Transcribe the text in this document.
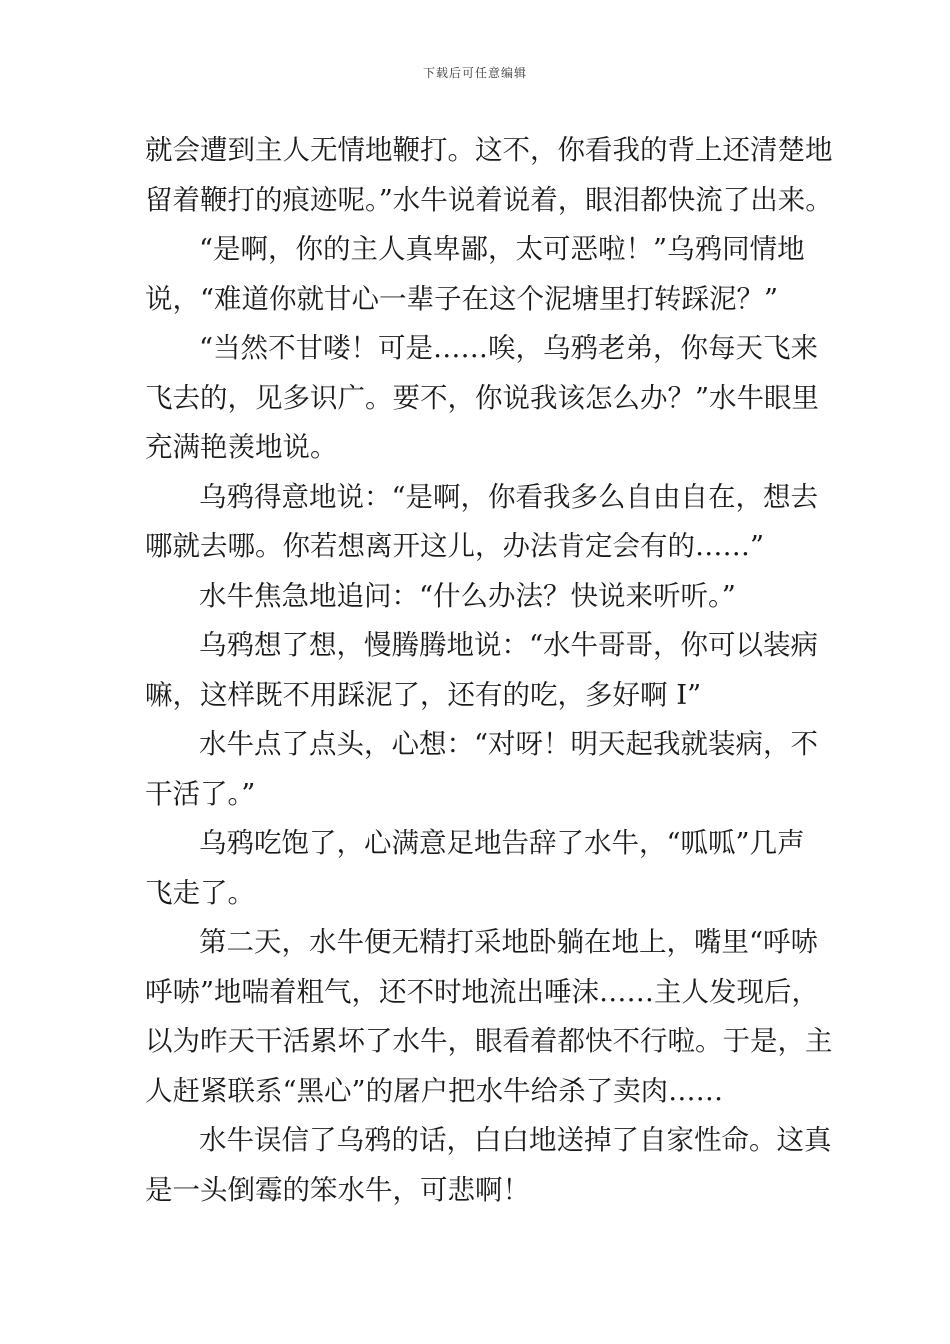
下载后可任意编辑
就会遭到主人无情地鞭打。这不，你看我的背上还清楚地
留着鞭打的痕迹呢。”水牛说着说着，眼泪都快流了出来。
“是啊，你的主人真卑鄙，太可恶啦！”乌鸦同情地
说，“难道你就甘心一辈子在这个泥塘里打转踩泥？”
“当然不甘喽！可是……唉，乌鸦老弟，你每天飞来
飞去的，见多识广。要不，你说我该怎么办？”水牛眼里
充满艳羡地说。
乌鸦得意地说：“是啊，你看我多么自由自在，想去
哪就去哪。你若想离开这儿，办法肯定会有的……”
水牛焦急地追问：“什么办法？快说来听听。”
乌鸦想了想，慢腾腾地说：“水牛哥哥，你可以装病
嘛，这样既不用踩泥了，还有的吃，多好啊 I”
水牛点了点头，心想：“对呀！明天起我就装病，不
干活了。”
乌鸦吃饱了，心满意足地告辞了水牛，“呱呱”几声
飞走了。
第二天，水牛便无精打采地卧躺在地上，嘴里“呼哧
呼哧”地喘着粗气，还不时地流出唾沫……主人发现后，
以为昨天干活累坏了水牛，眼看着都快不行啦。于是，主
人赶紧联系“黑心”的屠户把水牛给杀了卖肉……
水牛误信了乌鸦的话，白白地送掉了自家性命。这真
是一头倒霉的笨水牛，可悲啊！
